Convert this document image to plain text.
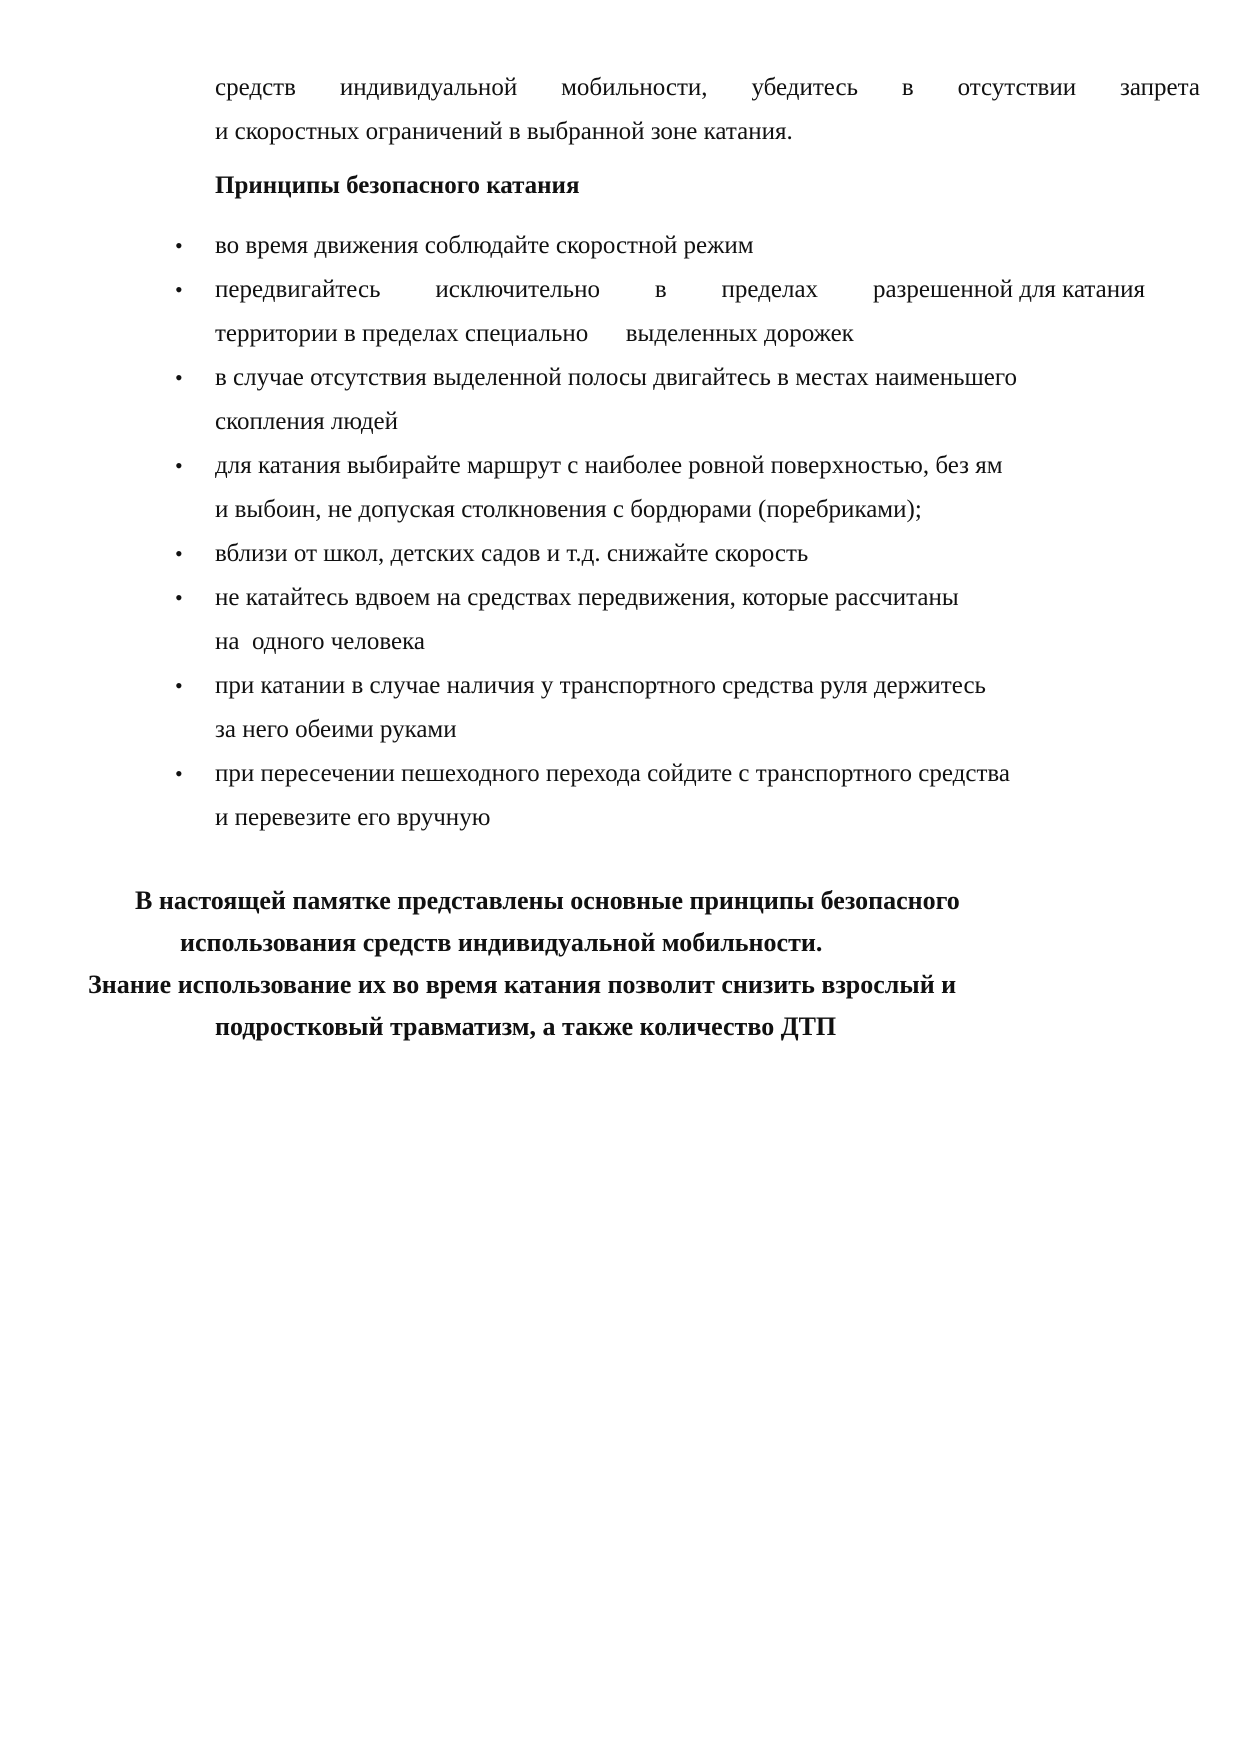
средств индивидуальной мобильности, убедитесь в отсутствии запрета
и скоростных ограничений в выбранной зоне катания.
Принципы безопасного катания
• во время движения соблюдайте скоростной режим
• передвигайтесь исключительно в пределах разрешенной для катания
территории в пределах специально      выделенных дорожек
• в случае отсутствия выделенной полосы двигайтесь в местах наименьшего
скопления людей
• для катания выбирайте маршрут с наиболее ровной поверхностью, без ям
и выбоин, не допуская столкновения с бордюрами (поребриками);
• вблизи от школ, детских садов и т.д. снижайте скорость
• не катайтесь вдвоем на средствах передвижения, которые рассчитаны
на  одного человека
• при катании в случае наличия у транспортного средства руля держитесь
за него обеими руками
• при пересечении пешеходного перехода сойдите с транспортного средства
и перевезите его вручную
В настоящей памятке представлены основные принципы безопасного
использования средств индивидуальной мобильности.
Знание использование их во время катания позволит снизить взрослый и
подростковый травматизм, а также количество ДТП
